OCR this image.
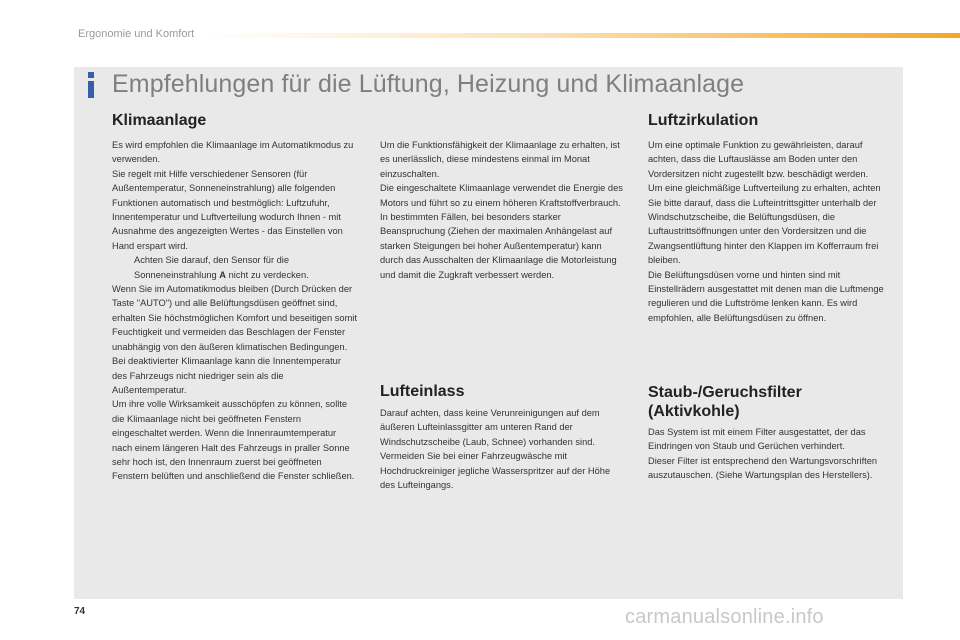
Ergonomie und Komfort
Empfehlungen für die Lüftung, Heizung und Klimaanlage
Klimaanlage

Es wird empfohlen die Klimaanlage im Automatikmodus zu verwenden.

Sie regelt mit Hilfe verschiedener Sensoren (für Außentemperatur, Sonneneinstrahlung) alle folgenden Funktionen automatisch und bestmöglich: Luftzufuhr, Innentemperatur und Luftverteilung wodurch Ihnen - mit Ausnahme des angezeigten Wertes - das Einstellen von Hand erspart wird.

Achten Sie darauf, den Sensor für die Sonneneinstrahlung A nicht zu verdecken.

Wenn Sie im Automatikmodus bleiben (Durch Drücken der Taste "AUTO") und alle Belüftungsdüsen geöffnet sind, erhalten Sie höchstmöglichen Komfort und beseitigen somit Feuchtigkeit und vermeiden das Beschlagen der Fenster unabhängig von den äußeren klimatischen Bedingungen.

Bei deaktivierter Klimaanlage kann die Innentemperatur des Fahrzeugs nicht niedriger sein als die Außentemperatur.

Um ihre volle Wirksamkeit ausschöpfen zu können, sollte die Klimaanlage nicht bei geöffneten Fenstern eingeschaltet werden. Wenn die Innenraumtemperatur nach einem längeren Halt des Fahrzeugs in praller Sonne sehr hoch ist, den Innenraum zuerst bei geöffneten Fenstern belüften und anschließend die Fenster schließen.

Um die Funktionsfähigkeit der Klimaanlage zu erhalten, ist es unerlässlich, diese mindestens einmal im Monat einzuschalten.

Die eingeschaltete Klimaanlage verwendet die Energie des Motors und führt so zu einem höheren Kraftstoffverbrauch.

In bestimmten Fällen, bei besonders starker Beanspruchung (Ziehen der maximalen Anhängelast auf starken Steigungen bei hoher Außentemperatur) kann durch das Ausschalten der Klimaanlage die Motorleistung und damit die Zugkraft verbessert werden.

Lufteinlass

Darauf achten, dass keine Verunreinigungen auf dem äußeren Lufteinlassgitter am unteren Rand der Windschutzscheibe (Laub, Schnee) vorhanden sind.

Vermeiden Sie bei einer Fahrzeugwäsche mit Hochdruckreiniger jegliche Wasserspritzer auf der Höhe des Lufteingangs.

Luftzirkulation

Um eine optimale Funktion zu gewährleisten, darauf achten, dass die Luftauslässe am Boden unter den Vordersitzen nicht zugestellt bzw. beschädigt werden.

Um eine gleichmäßige Luftverteilung zu erhalten, achten Sie bitte darauf, dass die Lufteintrittsgitter unterhalb der Windschutzscheibe, die Belüftungsdüsen, die Luftaustrittsöffnungen unter den Vordersitzen und die Zwangsentlüftung hinter den Klappen im Kofferraum frei bleiben.

Die Belüftungsdüsen vorne und hinten sind mit Einstellrädern ausgestattet mit denen man die Luftmenge regulieren und die Luftströme lenken kann. Es wird empfohlen, alle Belüftungsdüsen zu öffnen.

Staub-/Geruchsfilter
(Aktivkohle)

Das System ist mit einem Filter ausgestattet, der das Eindringen von Staub und Gerüchen verhindert.

Dieser Filter ist entsprechend den Wartungsvorschriften auszutauschen. (Siehe Wartungsplan des Herstellers).

74	carmanualsonline.info
